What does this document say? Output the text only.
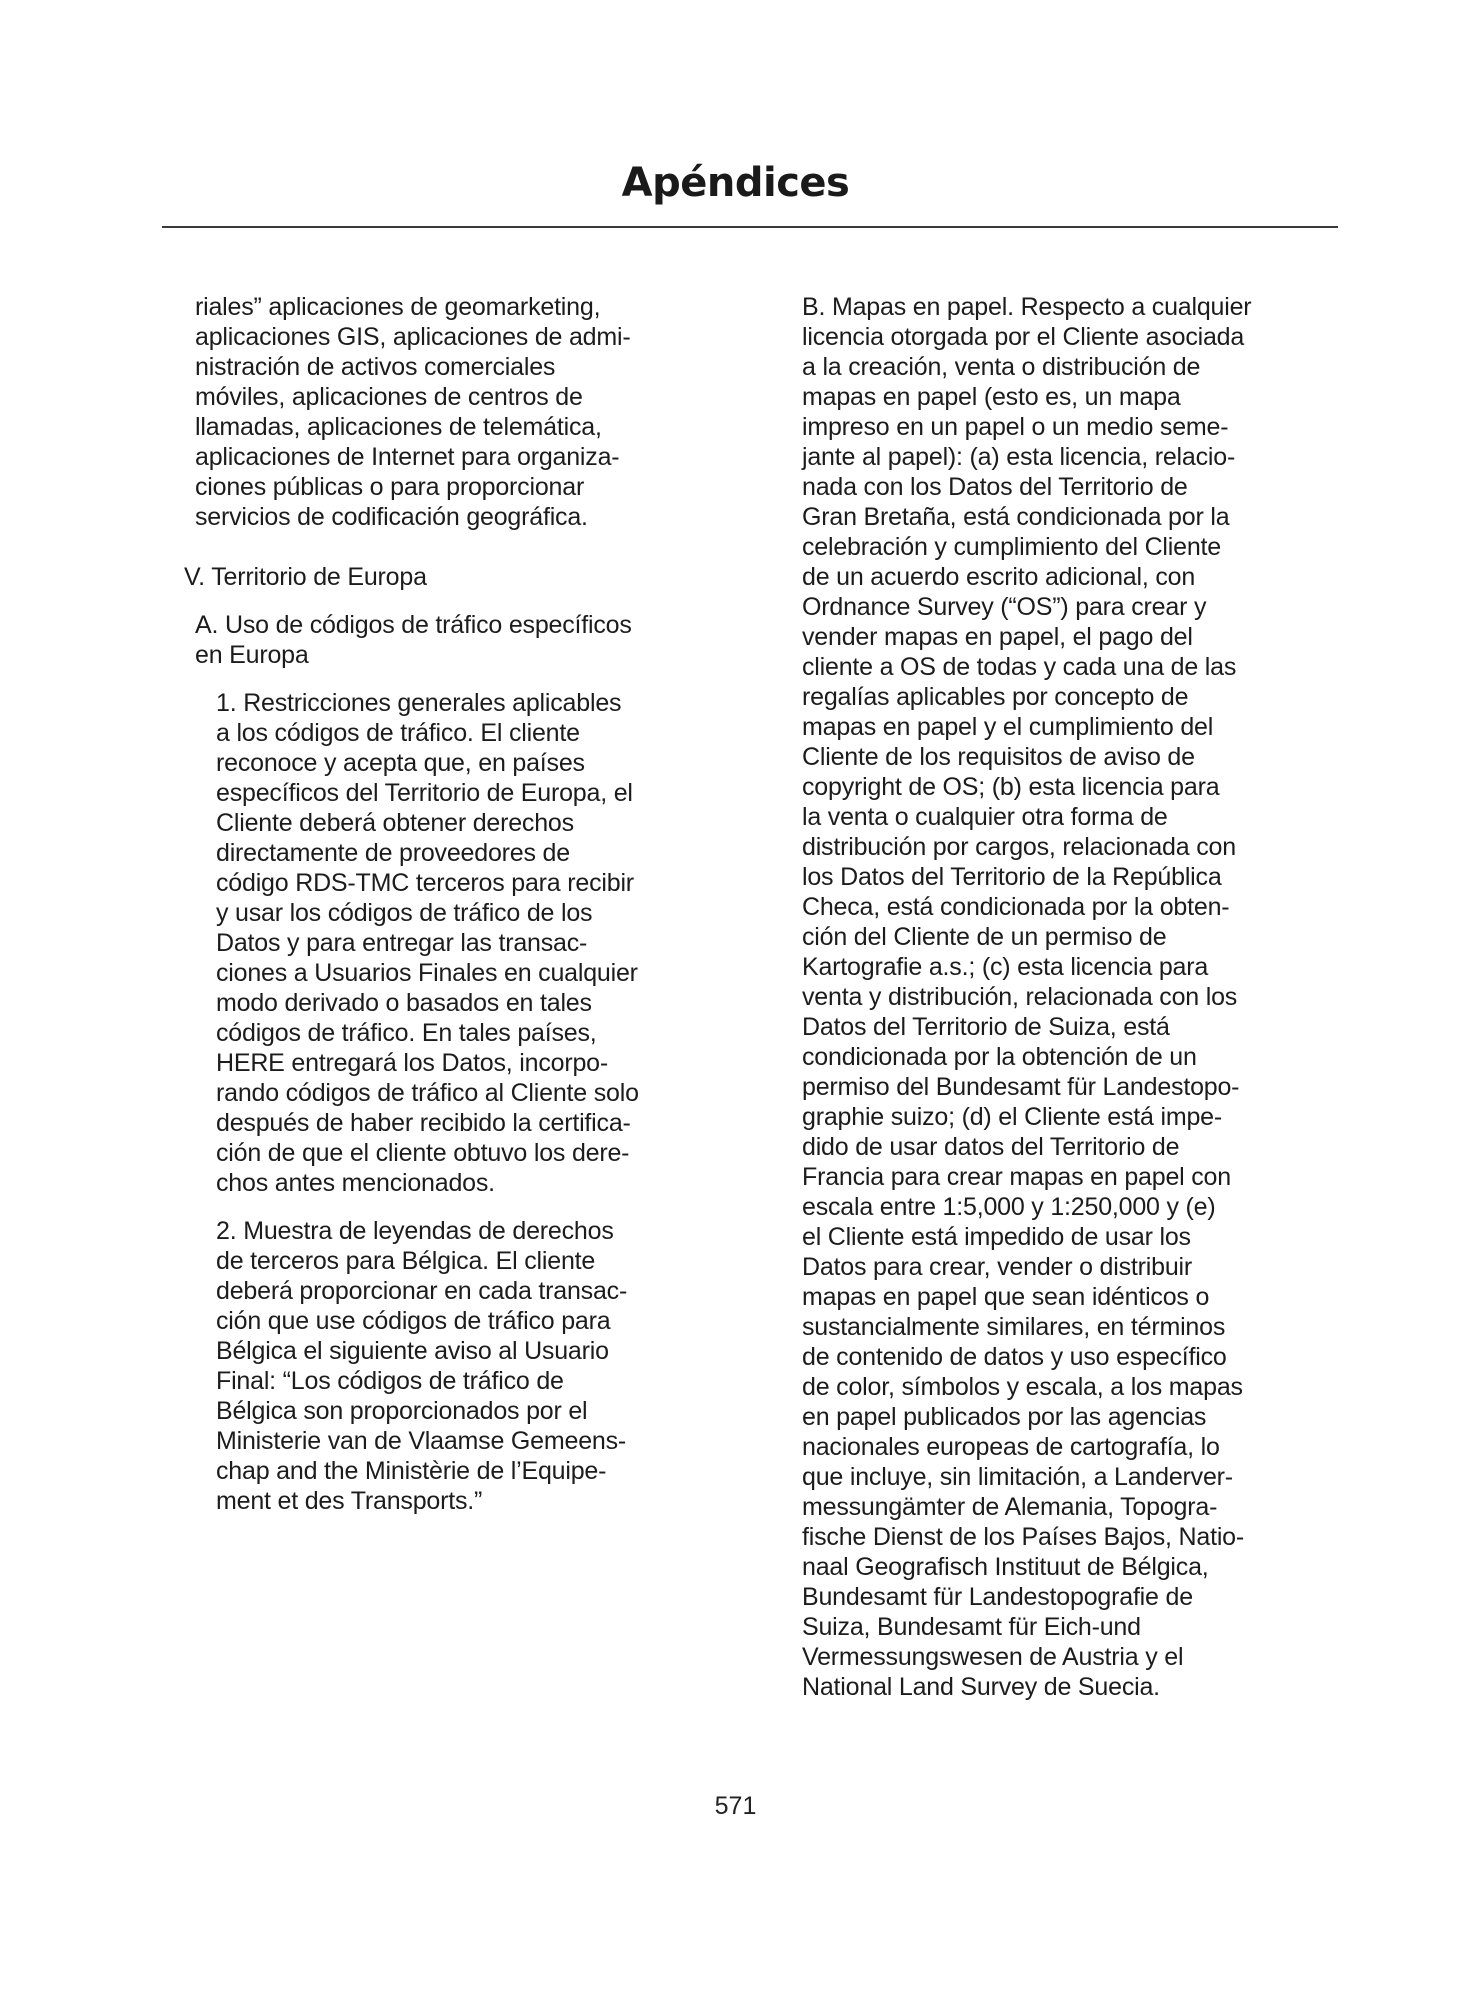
Apéndices
riales” aplicaciones de geomarketing,
aplicaciones GIS, aplicaciones de admi-
nistración de activos comerciales
móviles, aplicaciones de centros de
llamadas, aplicaciones de telemática,
aplicaciones de Internet para organiza-
ciones públicas o para proporcionar
servicios de codificación geográfica.
V. Territorio de Europa
A. Uso de códigos de tráfico específicos
en Europa
1. Restricciones generales aplicables
a los códigos de tráfico. El cliente
reconoce y acepta que, en países
específicos del Territorio de Europa, el
Cliente deberá obtener derechos
directamente de proveedores de
código RDS-TMC terceros para recibir
y usar los códigos de tráfico de los
Datos y para entregar las transac-
ciones a Usuarios Finales en cualquier
modo derivado o basados en tales
códigos de tráfico. En tales países,
HERE entregará los Datos, incorpo-
rando códigos de tráfico al Cliente solo
después de haber recibido la certifica-
ción de que el cliente obtuvo los dere-
chos antes mencionados.
2. Muestra de leyendas de derechos
de terceros para Bélgica. El cliente
deberá proporcionar en cada transac-
ción que use códigos de tráfico para
Bélgica el siguiente aviso al Usuario
Final: “Los códigos de tráfico de
Bélgica son proporcionados por el
Ministerie van de Vlaamse Gemeens-
chap and the Ministèrie de l’Equipe-
ment et des Transports.”
B. Mapas en papel. Respecto a cualquier
licencia otorgada por el Cliente asociada
a la creación, venta o distribución de
mapas en papel (esto es, un mapa
impreso en un papel o un medio seme-
jante al papel): (a) esta licencia, relacio-
nada con los Datos del Territorio de
Gran Bretaña, está condicionada por la
celebración y cumplimiento del Cliente
de un acuerdo escrito adicional, con
Ordnance Survey (“OS”) para crear y
vender mapas en papel, el pago del
cliente a OS de todas y cada una de las
regalías aplicables por concepto de
mapas en papel y el cumplimiento del
Cliente de los requisitos de aviso de
copyright de OS; (b) esta licencia para
la venta o cualquier otra forma de
distribución por cargos, relacionada con
los Datos del Territorio de la República
Checa, está condicionada por la obten-
ción del Cliente de un permiso de
Kartografie a.s.; (c) esta licencia para
venta y distribución, relacionada con los
Datos del Territorio de Suiza, está
condicionada por la obtención de un
permiso del Bundesamt für Landestopo-
graphie suizo; (d) el Cliente está impe-
dido de usar datos del Territorio de
Francia para crear mapas en papel con
escala entre 1:5,000 y 1:250,000 y (e)
el Cliente está impedido de usar los
Datos para crear, vender o distribuir
mapas en papel que sean idénticos o
sustancialmente similares, en términos
de contenido de datos y uso específico
de color, símbolos y escala, a los mapas
en papel publicados por las agencias
nacionales europeas de cartografía, lo
que incluye, sin limitación, a Landerver-
messungämter de Alemania, Topogra-
fische Dienst de los Países Bajos, Natio-
naal Geografisch Instituut de Bélgica,
Bundesamt für Landestopografie de
Suiza, Bundesamt für Eich-und
Vermessungswesen de Austria y el
National Land Survey de Suecia.
571
